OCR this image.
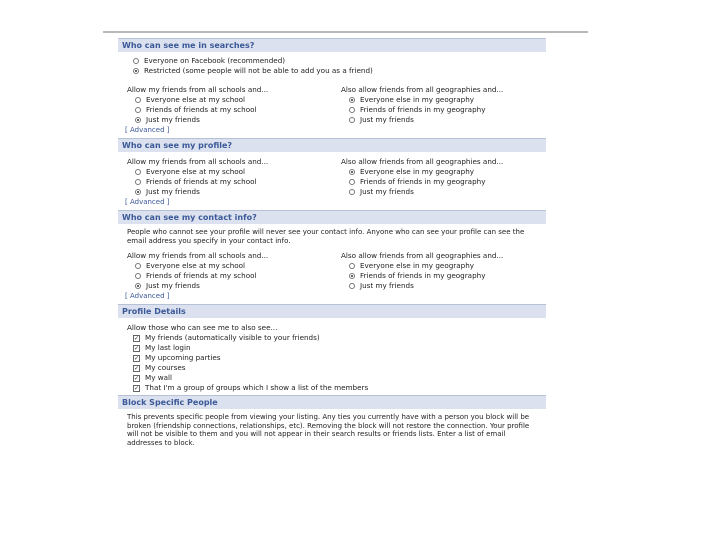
Who can see me in searches?
Everyone on Facebook (recommended)
Restricted (some people will not be able to add you as a friend)
Allow my friends from all schools and...
Everyone else at my school
Friends of friends at my school
Just my friends
Also allow friends from all geographies and...
Everyone else in my geography
Friends of friends in my geography
Just my friends
[ Advanced ]
Who can see my profile?
Allow my friends from all schools and...
Everyone else at my school
Friends of friends at my school
Just my friends
Also allow friends from all geographies and...
Everyone else in my geography
Friends of friends in my geography
Just my friends
[ Advanced ]
Who can see my contact info?
People who cannot see your profile will never see your contact info. Anyone who can see your profile can see the email address you specify in your contact info.
Allow my friends from all schools and...
Everyone else at my school
Friends of friends at my school
Just my friends
Also allow friends from all geographies and...
Everyone else in my geography
Friends of friends in my geography
Just my friends
[ Advanced ]
Profile Details
Allow those who can see me to also see...
✓ My friends (automatically visible to your friends)
✓ My last login
✓ My upcoming parties
✓ My courses
✓ My wall
✓ That I'm a group of groups which I show a list of the members
Block Specific People
This prevents specific people from viewing your listing. Any ties you currently have with a person you block will be broken (friendship connections, relationships, etc). Removing the block will not restore the connection. Your profile will not be visible to them and you will not appear in their search results or friends lists. Enter a list of email addresses to block.
